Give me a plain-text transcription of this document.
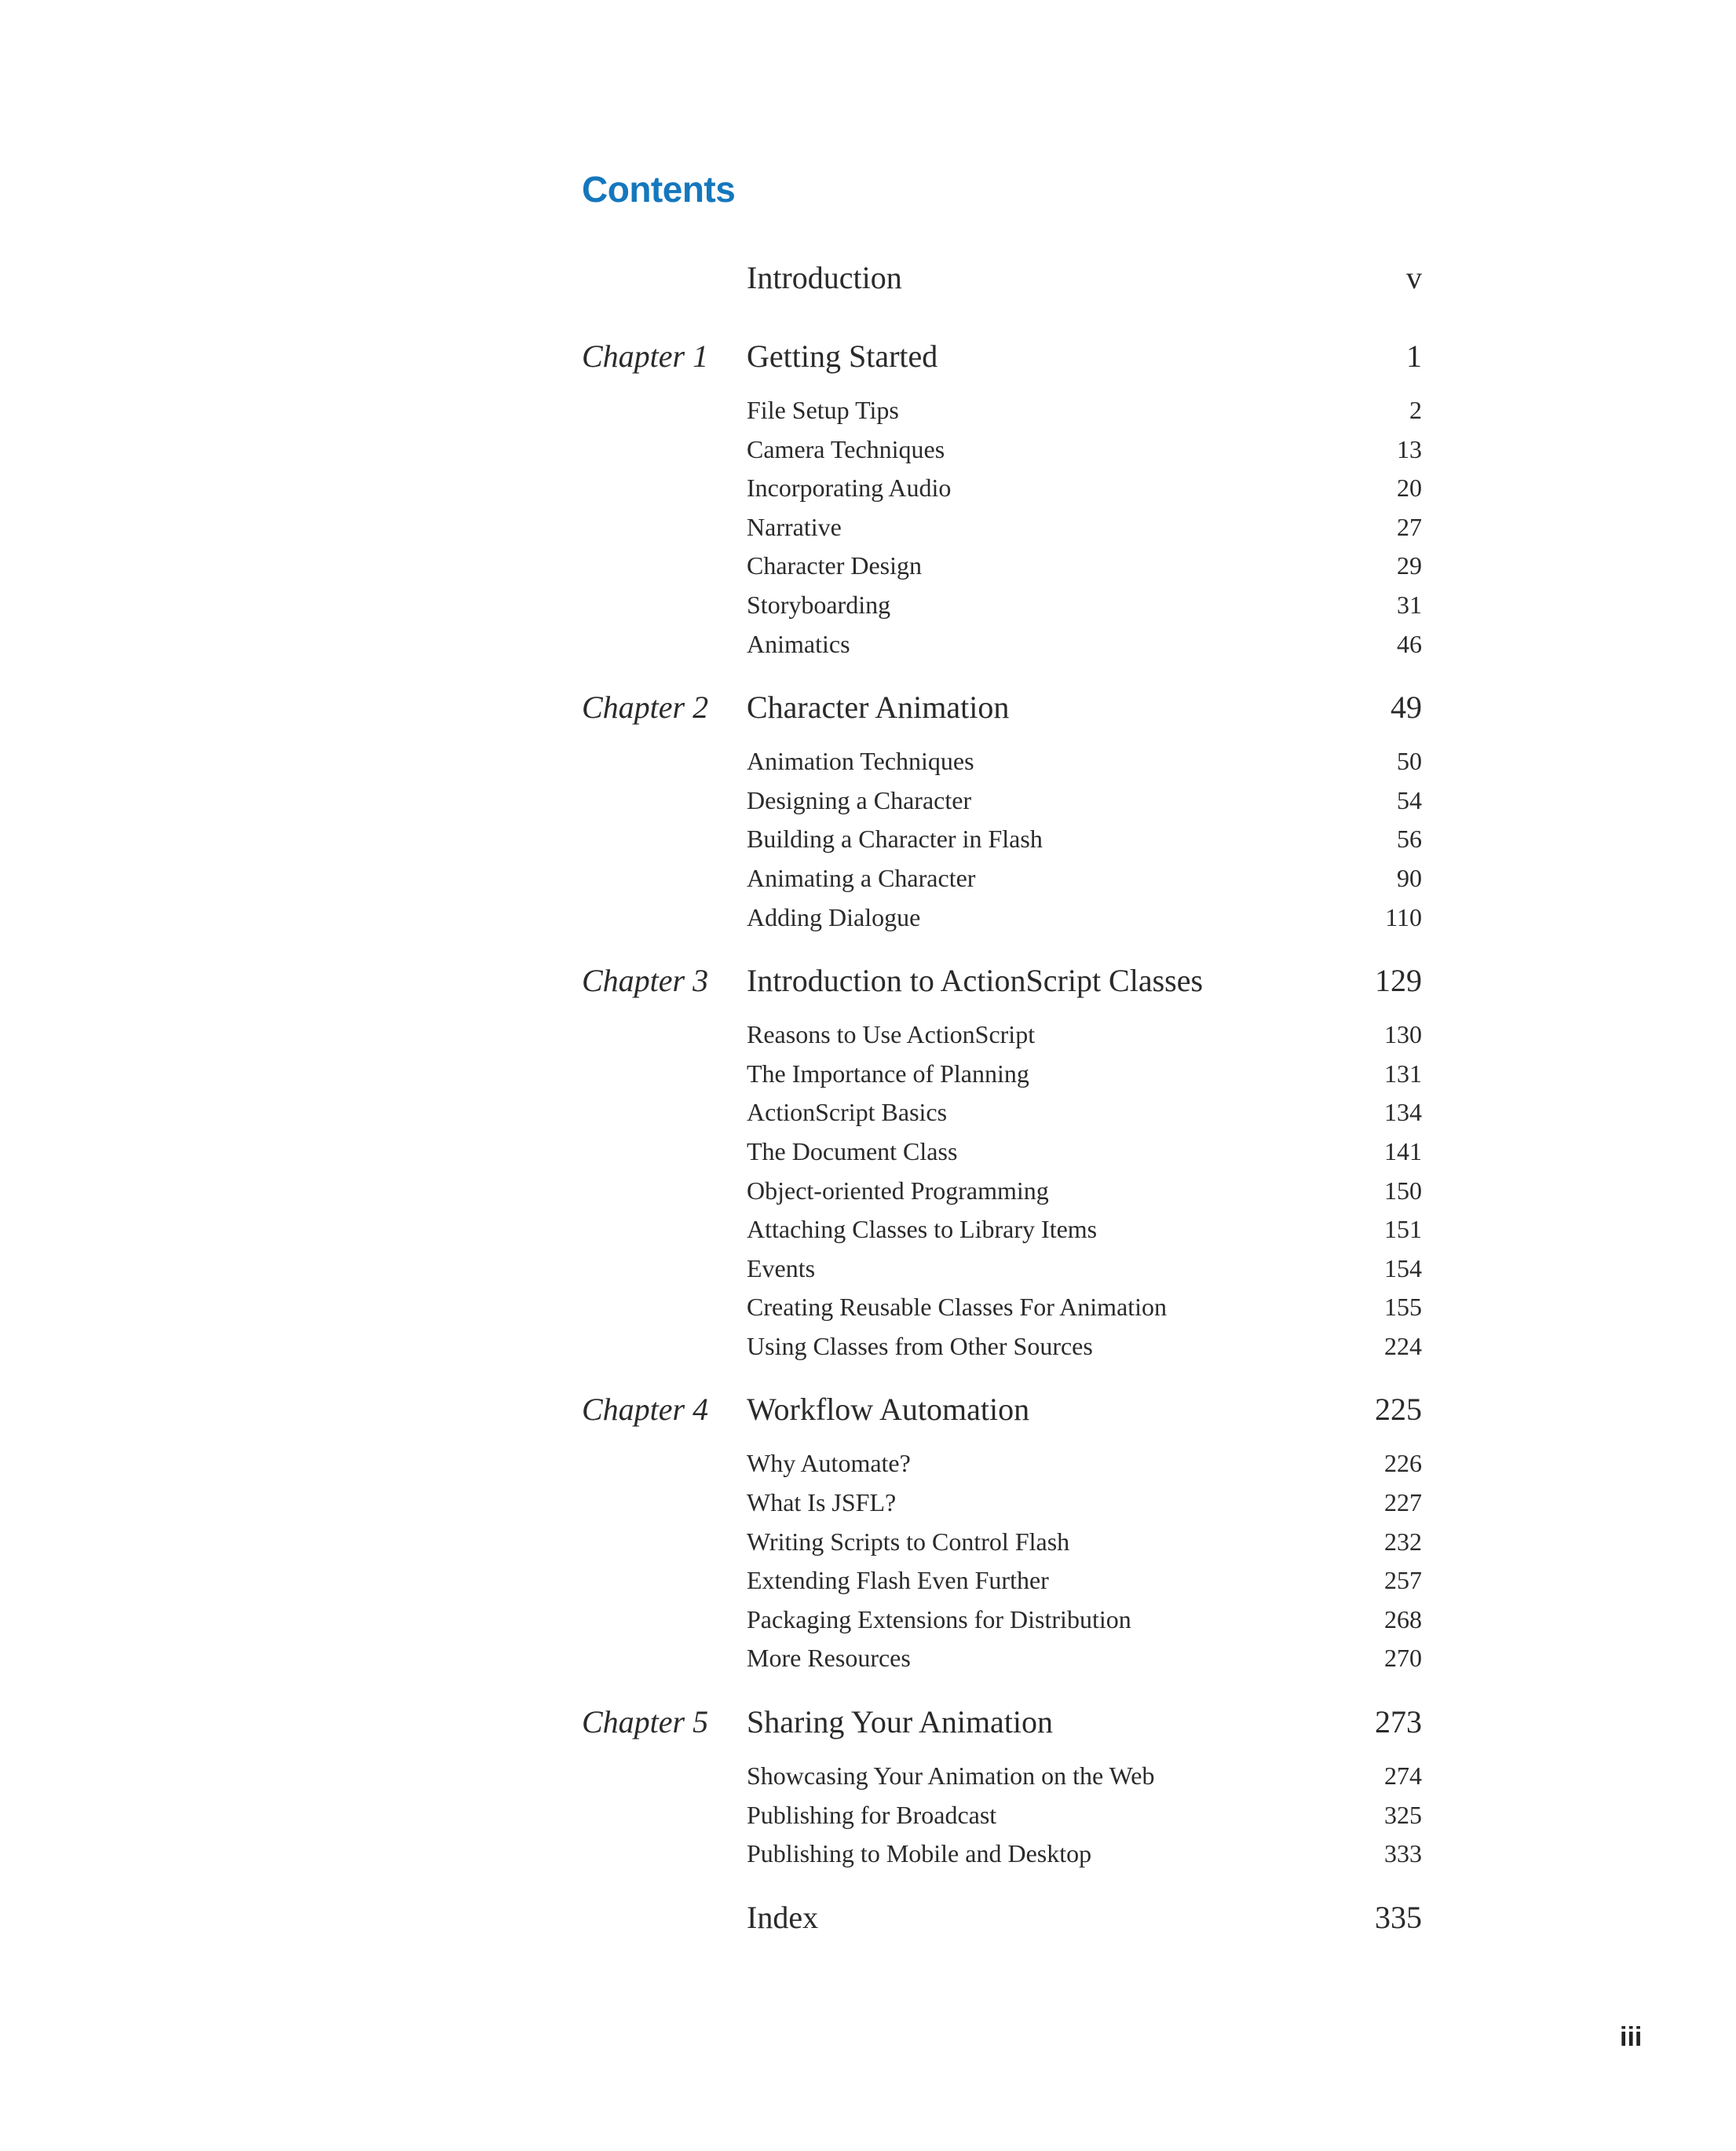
Contents
Introduction	v
Chapter 1 Getting Started	1
File Setup Tips	2
Camera Techniques	13
Incorporating Audio	20
Narrative	27
Character Design	29
Storyboarding	31
Animatics	46
Chapter 2 Character Animation	49
Animation Techniques	50
Designing a Character	54
Building a Character in Flash	56
Animating a Character	90
Adding Dialogue	110
Chapter 3 Introduction to ActionScript Classes	129
Reasons to Use ActionScript	130
The Importance of Planning	131
ActionScript Basics	134
The Document Class	141
Object-oriented Programming	150
Attaching Classes to Library Items	151
Events	154
Creating Reusable Classes For Animation	155
Using Classes from Other Sources	224
Chapter 4 Workflow Automation	225
Why Automate?	226
What Is JSFL?	227
Writing Scripts to Control Flash	232
Extending Flash Even Further	257
Packaging Extensions for Distribution	268
More Resources	270
Chapter 5 Sharing Your Animation	273
Showcasing Your Animation on the Web	274
Publishing for Broadcast	325
Publishing to Mobile and Desktop	333
Index	335
iii
